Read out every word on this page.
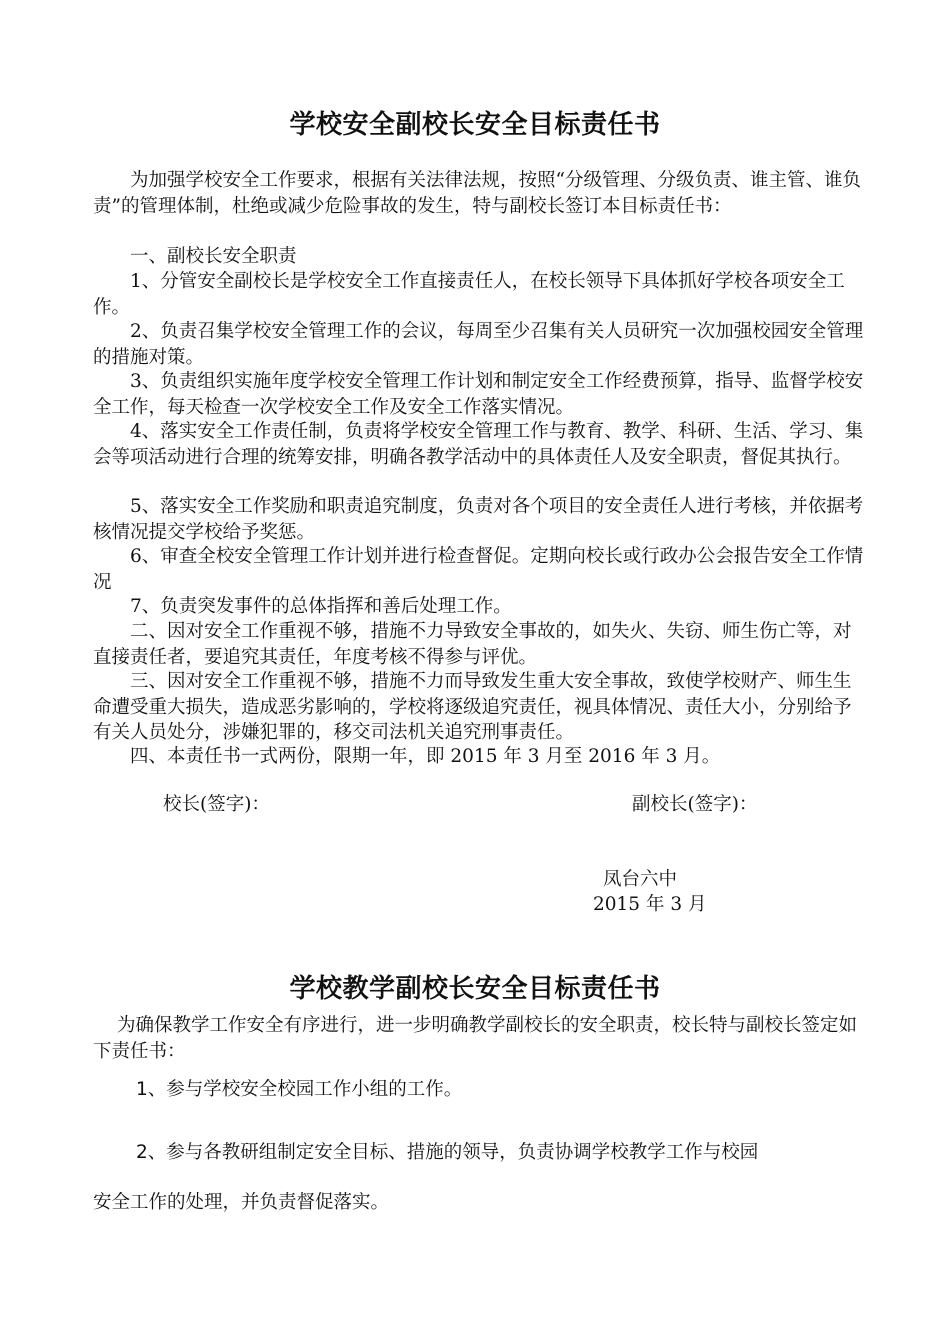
学校安全副校长安全目标责任书

为加强学校安全工作要求，根据有关法律法规，按照“分级管理、分级负责、谁主管、谁负责”的管理体制，杜绝或减少危险事故的发生，特与副校长签订本目标责任书：

一、副校长安全职责

1、分管安全副校长是学校安全工作直接责任人，在校长领导下具体抓好学校各项安全工作。

2、负责召集学校安全管理工作的会议，每周至少召集有关人员研究一次加强校园安全管理的措施对策。

3、负责组织实施年度学校安全管理工作计划和制定安全工作经费预算，指导、监督学校安全工作，每天检查一次学校安全工作及安全工作落实情况。

4、落实安全工作责任制，负责将学校安全管理工作与教育、教学、科研、生活、学习、集会等项活动进行合理的统筹安排，明确各教学活动中的具体责任人及安全职责，督促其执行。

5、落实安全工作奖励和职责追究制度，负责对各个项目的安全责任人进行考核，并依据考核情况提交学校给予奖惩。

6、审查全校安全管理工作计划并进行检查督促。定期向校长或行政办公会报告安全工作情况

7、负责突发事件的总体指挥和善后处理工作。

二、因对安全工作重视不够，措施不力导致安全事故的，如失火、失窃、师生伤亡等，对直接责任者，要追究其责任，年度考核不得参与评优。

三、因对安全工作重视不够，措施不力而导致发生重大安全事故，致使学校财产、师生生命遭受重大损失，造成恶劣影响的，学校将逐级追究责任，视具体情况、责任大小，分别给予有关人员处分，涉嫌犯罪的，移交司法机关追究刑事责任。

四、本责任书一式两份，限期一年，即 2015 年 3 月至 2016 年 3 月。

校长(签字)：	副校长(签字)：
凤台六中
2015 年 3 月
学校教学副校长安全目标责任书

为确保教学工作安全有序进行，进一步明确教学副校长的安全职责，校长特与副校长签定如下责任书：

1、参与学校安全校园工作小组的工作。
2、参与各教研组制定安全目标、措施的领导，负责协调学校教学工作与校园
安全工作的处理，并负责督促落实。
